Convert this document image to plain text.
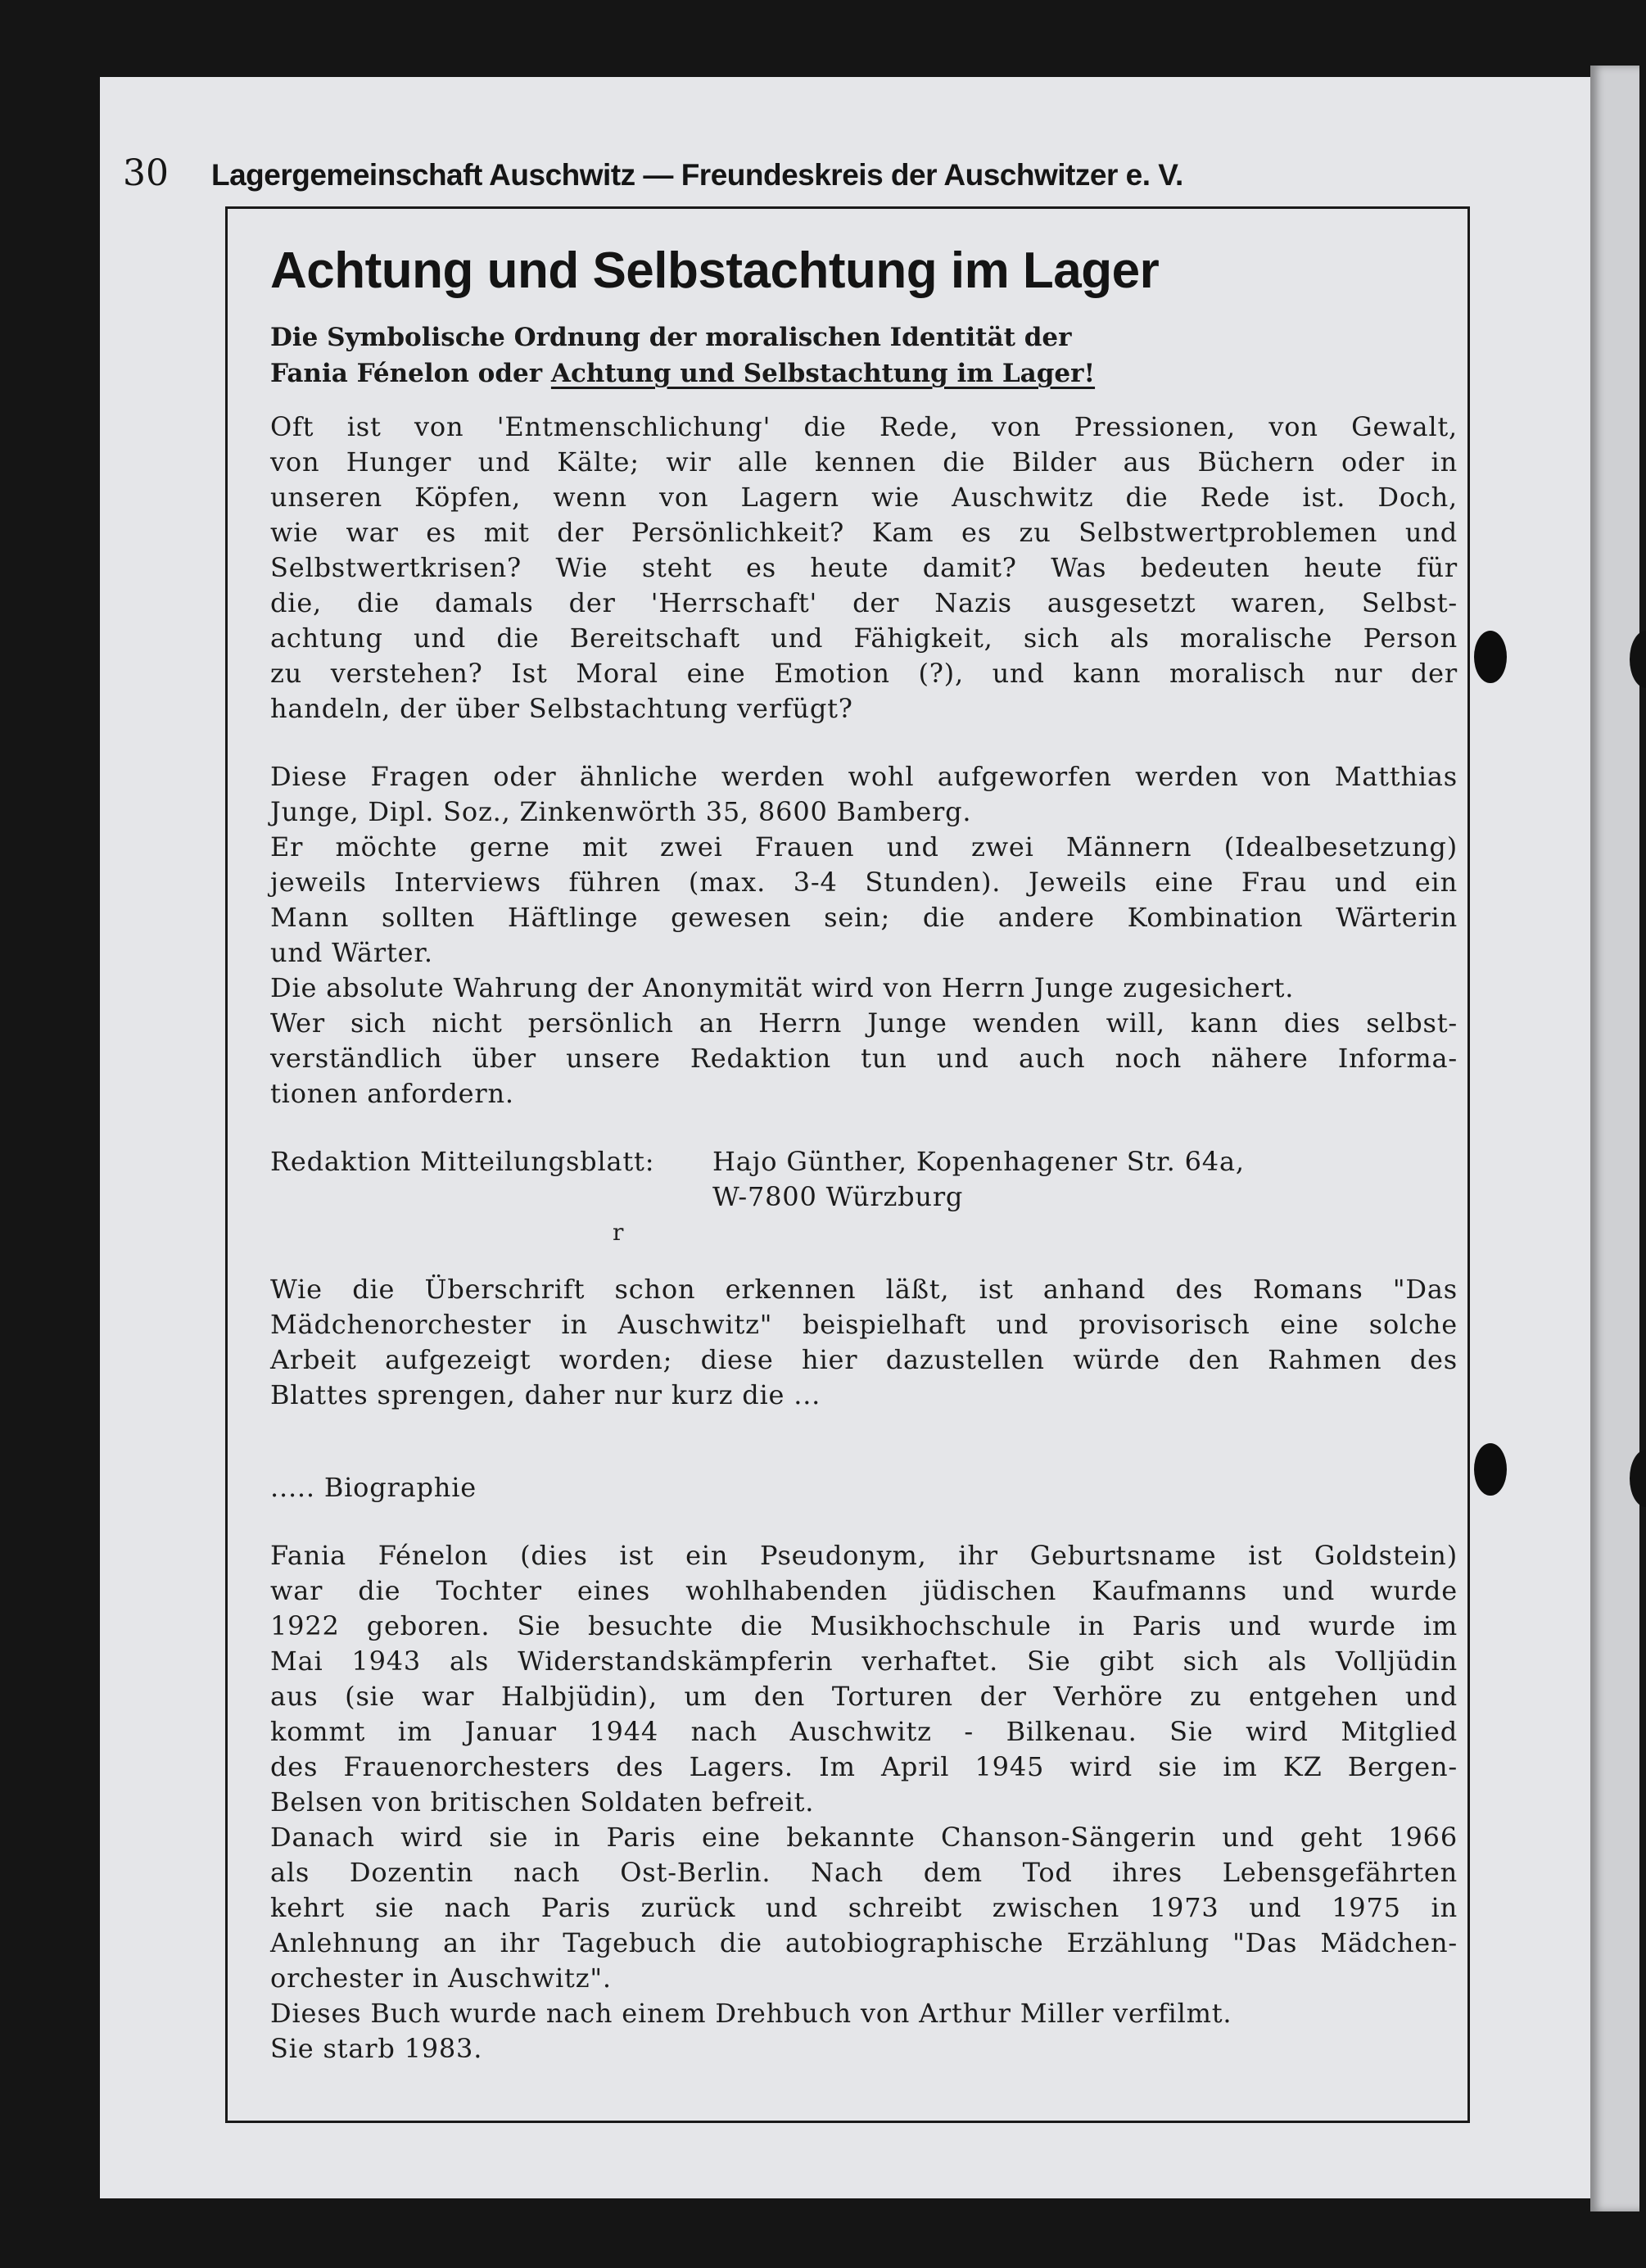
30	Lagergemeinschaft Auschwitz — Freundeskreis der Auschwitzer e. V.
Achtung und Selbstachtung im Lager
Die Symbolische Ordnung der moralischen Identität der
Fania Fénelon oder Achtung und Selbstachtung im Lager!
Oft ist von 'Entmenschlichung' die Rede, von Pressionen, von Gewalt,
von Hunger und Kälte; wir alle kennen die Bilder aus Büchern oder in
unseren Köpfen, wenn von Lagern wie Auschwitz die Rede ist. Doch,
wie war es mit der Persönlichkeit? Kam es zu Selbstwertproblemen und
Selbstwertkrisen? Wie steht es heute damit? Was bedeuten heute für
die, die damals der 'Herrschaft' der Nazis ausgesetzt waren, Selbst-
achtung und die Bereitschaft und Fähigkeit, sich als moralische Person
zu verstehen? Ist Moral eine Emotion (?), und kann moralisch nur der
handeln, der über Selbstachtung verfügt?
Diese Fragen oder ähnliche werden wohl aufgeworfen werden von Matthias
Junge, Dipl. Soz., Zinkenwörth 35, 8600 Bamberg.
Er möchte gerne mit zwei Frauen und zwei Männern (Idealbesetzung)
jeweils Interviews führen (max. 3-4 Stunden). Jeweils eine Frau und ein
Mann sollten Häftlinge gewesen sein; die andere Kombination Wärterin
und Wärter.
Die absolute Wahrung der Anonymität wird von Herrn Junge zugesichert.
Wer sich nicht persönlich an Herrn Junge wenden will, kann dies selbst-
verständlich über unsere Redaktion tun und auch noch nähere Informa-
tionen anfordern.
Redaktion Mitteilungsblatt:	Hajo Günther, Kopenhagener Str. 64a,
W-7800 Würzburg
Wie die Überschrift schon erkennen läßt, ist anhand des Romans "Das
Mädchenorchester in Auschwitz" beispielhaft und provisorisch eine solche
Arbeit aufgezeigt worden; diese hier dazustellen würde den Rahmen des
Blattes sprengen, daher nur kurz die ...
..... Biographie
Fania Fénelon (dies ist ein Pseudonym, ihr Geburtsname ist Goldstein)
war die Tochter eines wohlhabenden jüdischen Kaufmanns und wurde
1922 geboren. Sie besuchte die Musikhochschule in Paris und wurde im
Mai 1943 als Widerstandskämpferin verhaftet. Sie gibt sich als Volljüdin
aus (sie war Halbjüdin), um den Torturen der Verhöre zu entgehen und
kommt im Januar 1944 nach Auschwitz - Bilkenau. Sie wird Mitglied
des Frauenorchesters des Lagers. Im April 1945 wird sie im KZ Bergen-
Belsen von britischen Soldaten befreit.
Danach wird sie in Paris eine bekannte Chanson-Sängerin und geht 1966
als Dozentin nach Ost-Berlin. Nach dem Tod ihres Lebensgefährten
kehrt sie nach Paris zurück und schreibt zwischen 1973 und 1975 in
Anlehnung an ihr Tagebuch die autobiographische Erzählung "Das Mädchen-
orchester in Auschwitz".
Dieses Buch wurde nach einem Drehbuch von Arthur Miller verfilmt.
Sie starb 1983.
r
